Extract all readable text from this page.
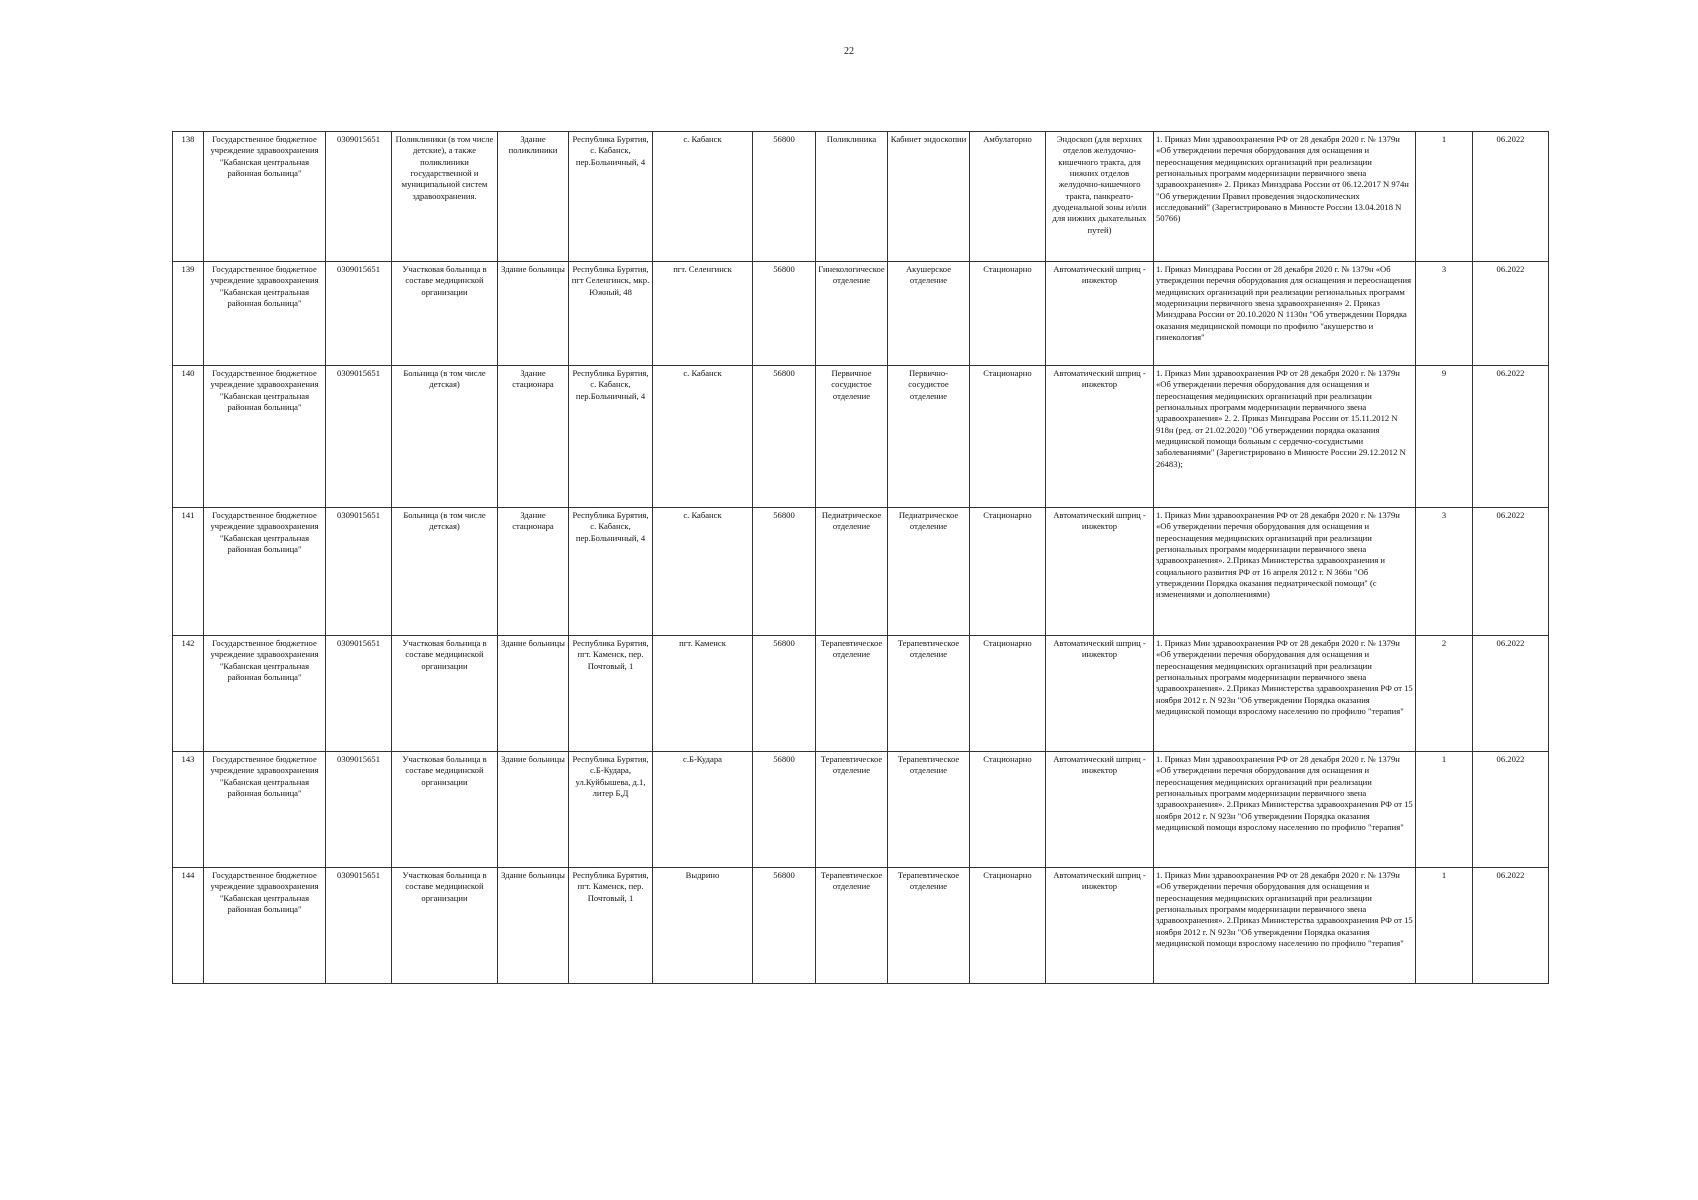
22
138	Государственное бюджетное учреждение здравоохранения "Кабанская центральная районная больница"	0309015651	Поликлиники (в том числе детские), а также поликлиники государственной и муниципальной систем здравоохранения.	Здание поликлиники	Республика Бурятия, с. Кабанск, пер.Больничный, 4	с. Кабанск	56800	Поликлиника	Кабинет эндоскопии	Амбулаторно	Эндоскоп (для верхних отделов желудочно-кишечного тракта, для нижних отделов желудочно-кишечного тракта, панкреато-дуоденальной зоны и/или для нижних дыхательных путей)	1. Приказ Мин здравоохранения РФ от 28 декабря 2020 г. № 1379н «Об утверждении перечня оборудования для оснащения и переоснащения медицинских организаций при реализации региональных программ модернизации первичного звена здравоохранения» 2. Приказ Минздрава России от 06.12.2017 N 974н "Об утверждении Правил проведения эндоскопических исследований" (Зарегистрировано в Минюсте России 13.04.2018 N 50766)	1	06.2022
139	Государственное бюджетное учреждение здравоохранения "Кабанская центральная районная больница"	0309015651	Участковая больница в составе медицинской организации	Здание больницы	Республика Бурятия, пгт Селенгинск, мкр. Южный, 48	пгт. Селенгинск	56800	Гинекологическое отделение	Акушерское отделение	Стационарно	Автоматический шприц - инжектор	1. Приказ Минздрава России от 28 декабря 2020 г. № 1379н «Об утверждении перечня оборудования для оснащения и переоснащения медицинских организаций при реализации региональных программ модернизации первичного звена здравоохранения» 2. Приказ Минздрава России от 20.10.2020 N 1130н "Об утверждении Порядка оказания медицинской помощи по профилю "акушерство и гинекология"	3	06.2022
140	Государственное бюджетное учреждение здравоохранения "Кабанская центральная районная больница"	0309015651	Больница (в том числе детская)	Здание стационара	Республика Бурятия, с. Кабанск, пер.Больничный, 4	с. Кабанск	56800	Первичное сосудистое отделение	Первично-сосудистое отделение	Стационарно	Автоматический шприц - инжектор	1. Приказ Мин здравоохранения РФ от 28 декабря 2020 г. № 1379н «Об утверждении перечня оборудования для оснащения и переоснащения медицинских организаций при реализации региональных программ модернизации первичного звена здравоохранения» 2. 2. Приказ Минздрава России от 15.11.2012 N 918н (ред. от 21.02.2020) "Об утверждении порядка оказания медицинской помощи больным с сердечно-сосудистыми заболеваниями" (Зарегистрировано в Минюсте России 29.12.2012 N 26483);	9	06.2022
141	Государственное бюджетное учреждение здравоохранения "Кабанская центральная районная больница"	0309015651	Больница (в том числе детская)	Здание стационара	Республика Бурятия, с. Кабанск, пер.Больничный, 4	с. Кабанск	56800	Педиатрическое отделение	Педиатрическое отделение	Стационарно	Автоматический шприц - инжектор	1. Приказ Мин здравоохранения РФ от 28 декабря 2020 г. № 1379н «Об утверждении перечня оборудования для оснащения и переоснащения медицинских организаций при реализации региональных программ модернизации первичного звена здравоохранения». 2.Приказ Министерства здравоохранения и социального развития РФ от 16 апреля 2012 г. N 366н "Об утверждении Порядка оказания педиатрической помощи" (с изменениями и дополнениями)	3	06.2022
142	Государственное бюджетное учреждение здравоохранения "Кабанская центральная районная больница"	0309015651	Участковая больница в составе медицинской организации	Здание больницы	Республика Бурятия, пгт. Каменск, пер. Почтовый, 1	пгт. Каменск	56800	Терапевтическое отделение	Терапевтическое отделение	Стационарно	Автоматический шприц - инжектор	1. Приказ Мин здравоохранения РФ от 28 декабря 2020 г. № 1379н «Об утверждении перечня оборудования для оснащения и переоснащения медицинских организаций при реализации региональных программ модернизации первичного звена здравоохранения». 2.Приказ Министерства здравоохранения РФ от 15 ноября 2012 г. N 923н "Об утверждении Порядка оказания медицинской помощи взрослому населению по профилю "терапия"	2	06.2022
143	Государственное бюджетное учреждение здравоохранения "Кабанская центральная районная больница"	0309015651	Участковая больница в составе медицинской организации	Здание больницы	Республика Бурятия, с.Б-Кудара, ул.Куйбышева, д.1, литер Б,Д	с.Б-Кудара	56800	Терапевтическое отделение	Терапевтическое отделение	Стационарно	Автоматический шприц - инжектор	1. Приказ Мин здравоохранения РФ от 28 декабря 2020 г. № 1379н «Об утверждении перечня оборудования для оснащения и переоснащения медицинских организаций при реализации региональных программ модернизации первичного звена здравоохранения». 2.Приказ Министерства здравоохранения РФ от 15 ноября 2012 г. N 923н "Об утверждении Порядка оказания медицинской помощи взрослому населению по профилю "терапия"	1	06.2022
144	Государственное бюджетное учреждение здравоохранения "Кабанская центральная районная больница"	0309015651	Участковая больница в составе медицинской организации	Здание больницы	Республика Бурятия, пгт. Каменск, пер. Почтовый, 1	Выдрино	56800	Терапевтическое отделение	Терапевтическое отделение	Стационарно	Автоматический шприц - инжектор	1. Приказ Мин здравоохранения РФ от 28 декабря 2020 г. № 1379н «Об утверждении перечня оборудования для оснащения и переоснащения медицинских организаций при реализации региональных программ модернизации первичного звена здравоохранения». 2.Приказ Министерства здравоохранения РФ от 15 ноября 2012 г. N 923н "Об утверждении Порядка оказания медицинской помощи взрослому населению по профилю "терапия"	1	06.2022
